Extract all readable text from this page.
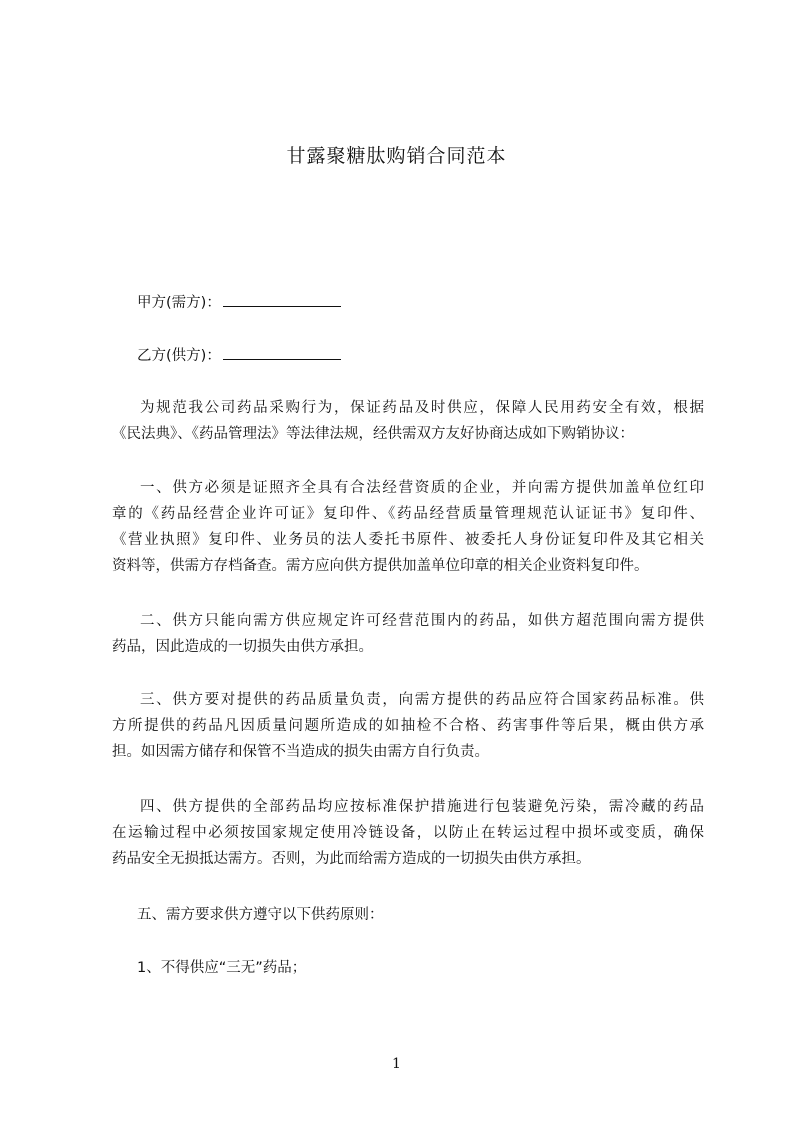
甘露聚糖肽购销合同范本
甲方(需方)：
乙方(供方)：
为规范我公司药品采购行为，保证药品及时供应，保障人民用药安全有效，根据
《民法典》、《药品管理法》等法律法规，经供需双方友好协商达成如下购销协议：
一、供方必须是证照齐全具有合法经营资质的企业，并向需方提供加盖单位红印
章的《药品经营企业许可证》复印件、《药品经营质量管理规范认证证书》复印件、
《营业执照》复印件、业务员的法人委托书原件、被委托人身份证复印件及其它相关
资料等，供需方存档备查。需方应向供方提供加盖单位印章的相关企业资料复印件。
二、供方只能向需方供应规定许可经营范围内的药品，如供方超范围向需方提供
药品，因此造成的一切损失由供方承担。
三、供方要对提供的药品质量负责，向需方提供的药品应符合国家药品标准。供
方所提供的药品凡因质量问题所造成的如抽检不合格、药害事件等后果，概由供方承
担。如因需方储存和保管不当造成的损失由需方自行负责。
四、供方提供的全部药品均应按标准保护措施进行包装避免污染，需冷藏的药品
在运输过程中必须按国家规定使用冷链设备，以防止在转运过程中损坏或变质，确保
药品安全无损抵达需方。否则，为此而给需方造成的一切损失由供方承担。
五、需方要求供方遵守以下供药原则：
1、不得供应“三无”药品；
1
